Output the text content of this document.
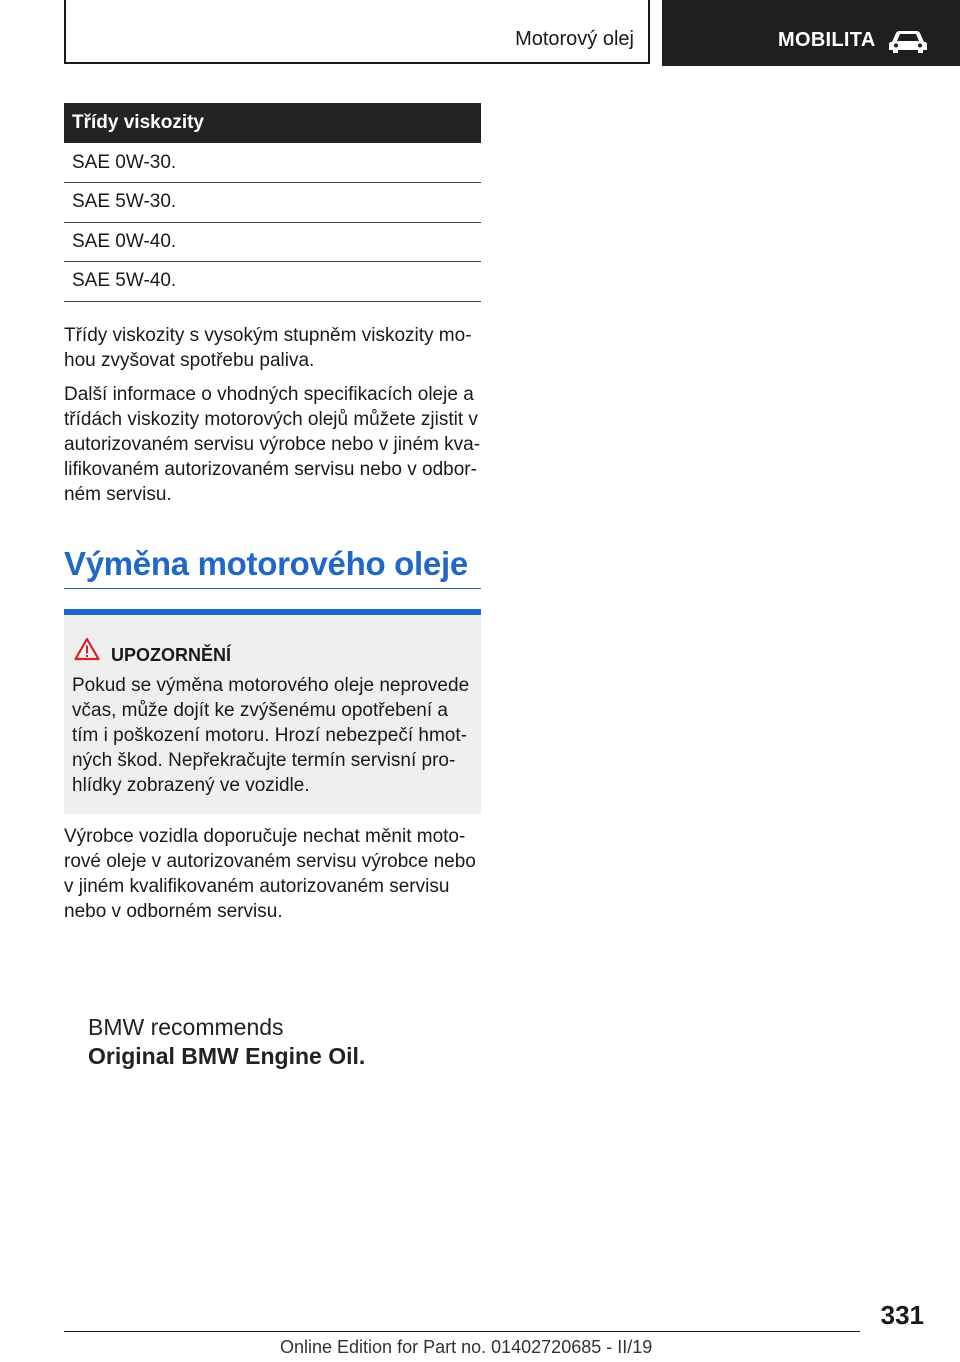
Motorový olej	MOBILITA
Třídy viskozity
SAE 0W-30.
SAE 5W-30.
SAE 0W-40.
SAE 5W-40.

Třídy viskozity s vysokým stupněm viskozity mo-hou zvyšovat spotřebu paliva.

Další informace o vhodných specifikacích oleje a třídách viskozity motorových olejů můžete zjistit v autorizovaném servisu výrobce nebo v jiném kva-lifikovaném autorizovaném servisu nebo v odbor-ném servisu.

Výměna motorového oleje
UPOZORNĚNÍ

Pokud se výměna motorového oleje neprovede včas, může dojít ke zvýšenému opotřebení a tím i poškození motoru. Hrozí nebezpečí hmot-ných škod. Nepřekračujte termín servisní pro-hlídky zobrazený ve vozidle.

Výrobce vozidla doporučuje nechat měnit moto-rové oleje v autorizovaném servisu výrobce nebo v jiném kvalifikovaném autorizovaném servisu nebo v odborném servisu.

BMW recommends
Original BMW Engine Oil.
331
Online Edition for Part no. 01402720685 - II/19
